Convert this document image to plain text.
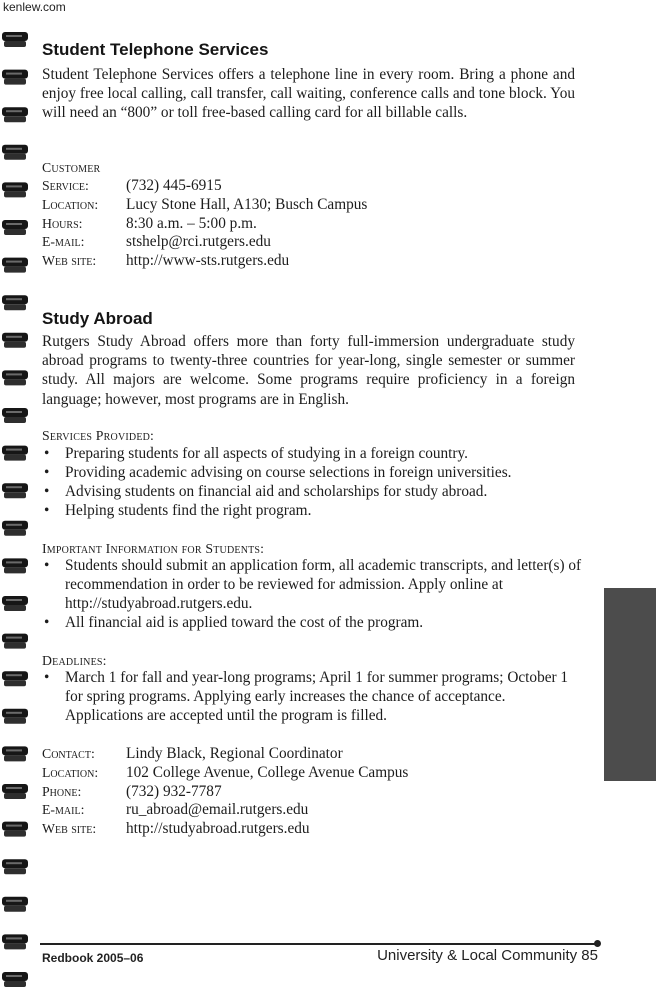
kenlew.com
Student Telephone Services

Student Telephone Services offers a telephone line in every room. Bring a phone and enjoy free local calling, call transfer, call waiting, conference calls and tone block. You will need an “800” or toll free-based calling card for all billable calls.

Customer
Service: (732) 445-6915
Location: Lucy Stone Hall, A130; Busch Campus
Hours:	8:30 a.m. – 5:00 p.m.
E-mail:	stshelp@rci.rutgers.edu
Web site: http://www-sts.rutgers.edu
Study Abroad

Rutgers Study Abroad offers more than forty full-immersion undergraduate study abroad programs to twenty-three countries for year-long, single semester or summer study. All majors are welcome. Some programs require proficiency in a foreign language; however, most programs are in English.

Services Provided:
• Preparing students for all aspects of studying in a foreign country.
• Providing academic advising on course selections in foreign universities.
• Advising students on financial aid and scholarships for study abroad.
• Helping students find the right program.
Important Information for Students:
• Students should submit an application form, all academic transcripts, and letter(s) of recommendation in order to be reviewed for admission. Apply online at http://studyabroad.rutgers.edu.
• All financial aid is applied toward the cost of the program.
Deadlines:
• March 1 for fall and year-long programs; April 1 for summer programs; October 1 for spring programs. Applying early increases the chance of acceptance. Applications are accepted until the program is filled.
Contact: Lindy Black, Regional Coordinator
Location: 102 College Avenue, College Avenue Campus
Phone:	(732) 932-7787
E-mail:	ru_abroad@email.rutgers.edu
Web site: http://studyabroad.rutgers.edu
Redbook 2005–06	University & Local Community 85
